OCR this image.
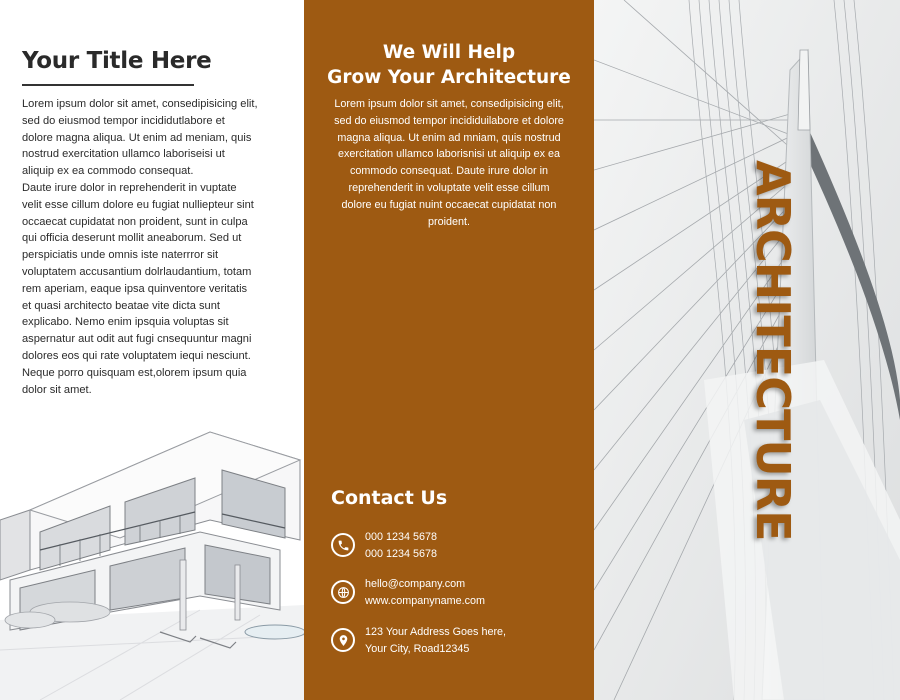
Your Title Here

Lorem ipsum dolor sit amet, consedipisicing elit, sed do eiusmod tempor incididutlabore et dolore magna aliqua. Ut enim ad meniam, quis nostrud exercitation ullamco laboriseisi ut aliquip ex ea commodo consequat.

Daute irure dolor in reprehenderit in vuptate velit esse cillum dolore eu fugiat nulliepteur sint occaecat cupidatat non proident, sunt in culpa qui officia deserunt mollit aneaborum. Sed ut perspiciatis unde omnis iste naterrror sit voluptatem accusantium dolrlaudantium, totam rem aperiam, eaque ipsa quinventore veritatis et quasi architecto beatae vite dicta sunt explicabo. Nemo enim ipsquia voluptas sit aspernatur aut odit aut fugi cnsequuntur magni dolores eos qui rate voluptatem iequi nesciunt. Neque porro quisquam est,olorem ipsum quia dolor sit amet.

We Will Help
Grow Your Architecture
Lorem ipsum dolor sit amet, consedipisicing elit, sed do eiusmod tempor incididuilabore et dolore magna aliqua. Ut enim ad mniam, quis nostrud exercitation ullamco laborisnisi ut aliquip ex ea commodo consequat. Daute irure dolor in reprehenderit in voluptate velit esse cillum dolore eu fugiat nuint occaecat cupidatat non proident.
Contact Us
000 1234 5678
000 1234 5678
hello@company.com
www.companyname.com
123 Your Address Goes here,
Your City, Road12345
ARCHITECTURE
